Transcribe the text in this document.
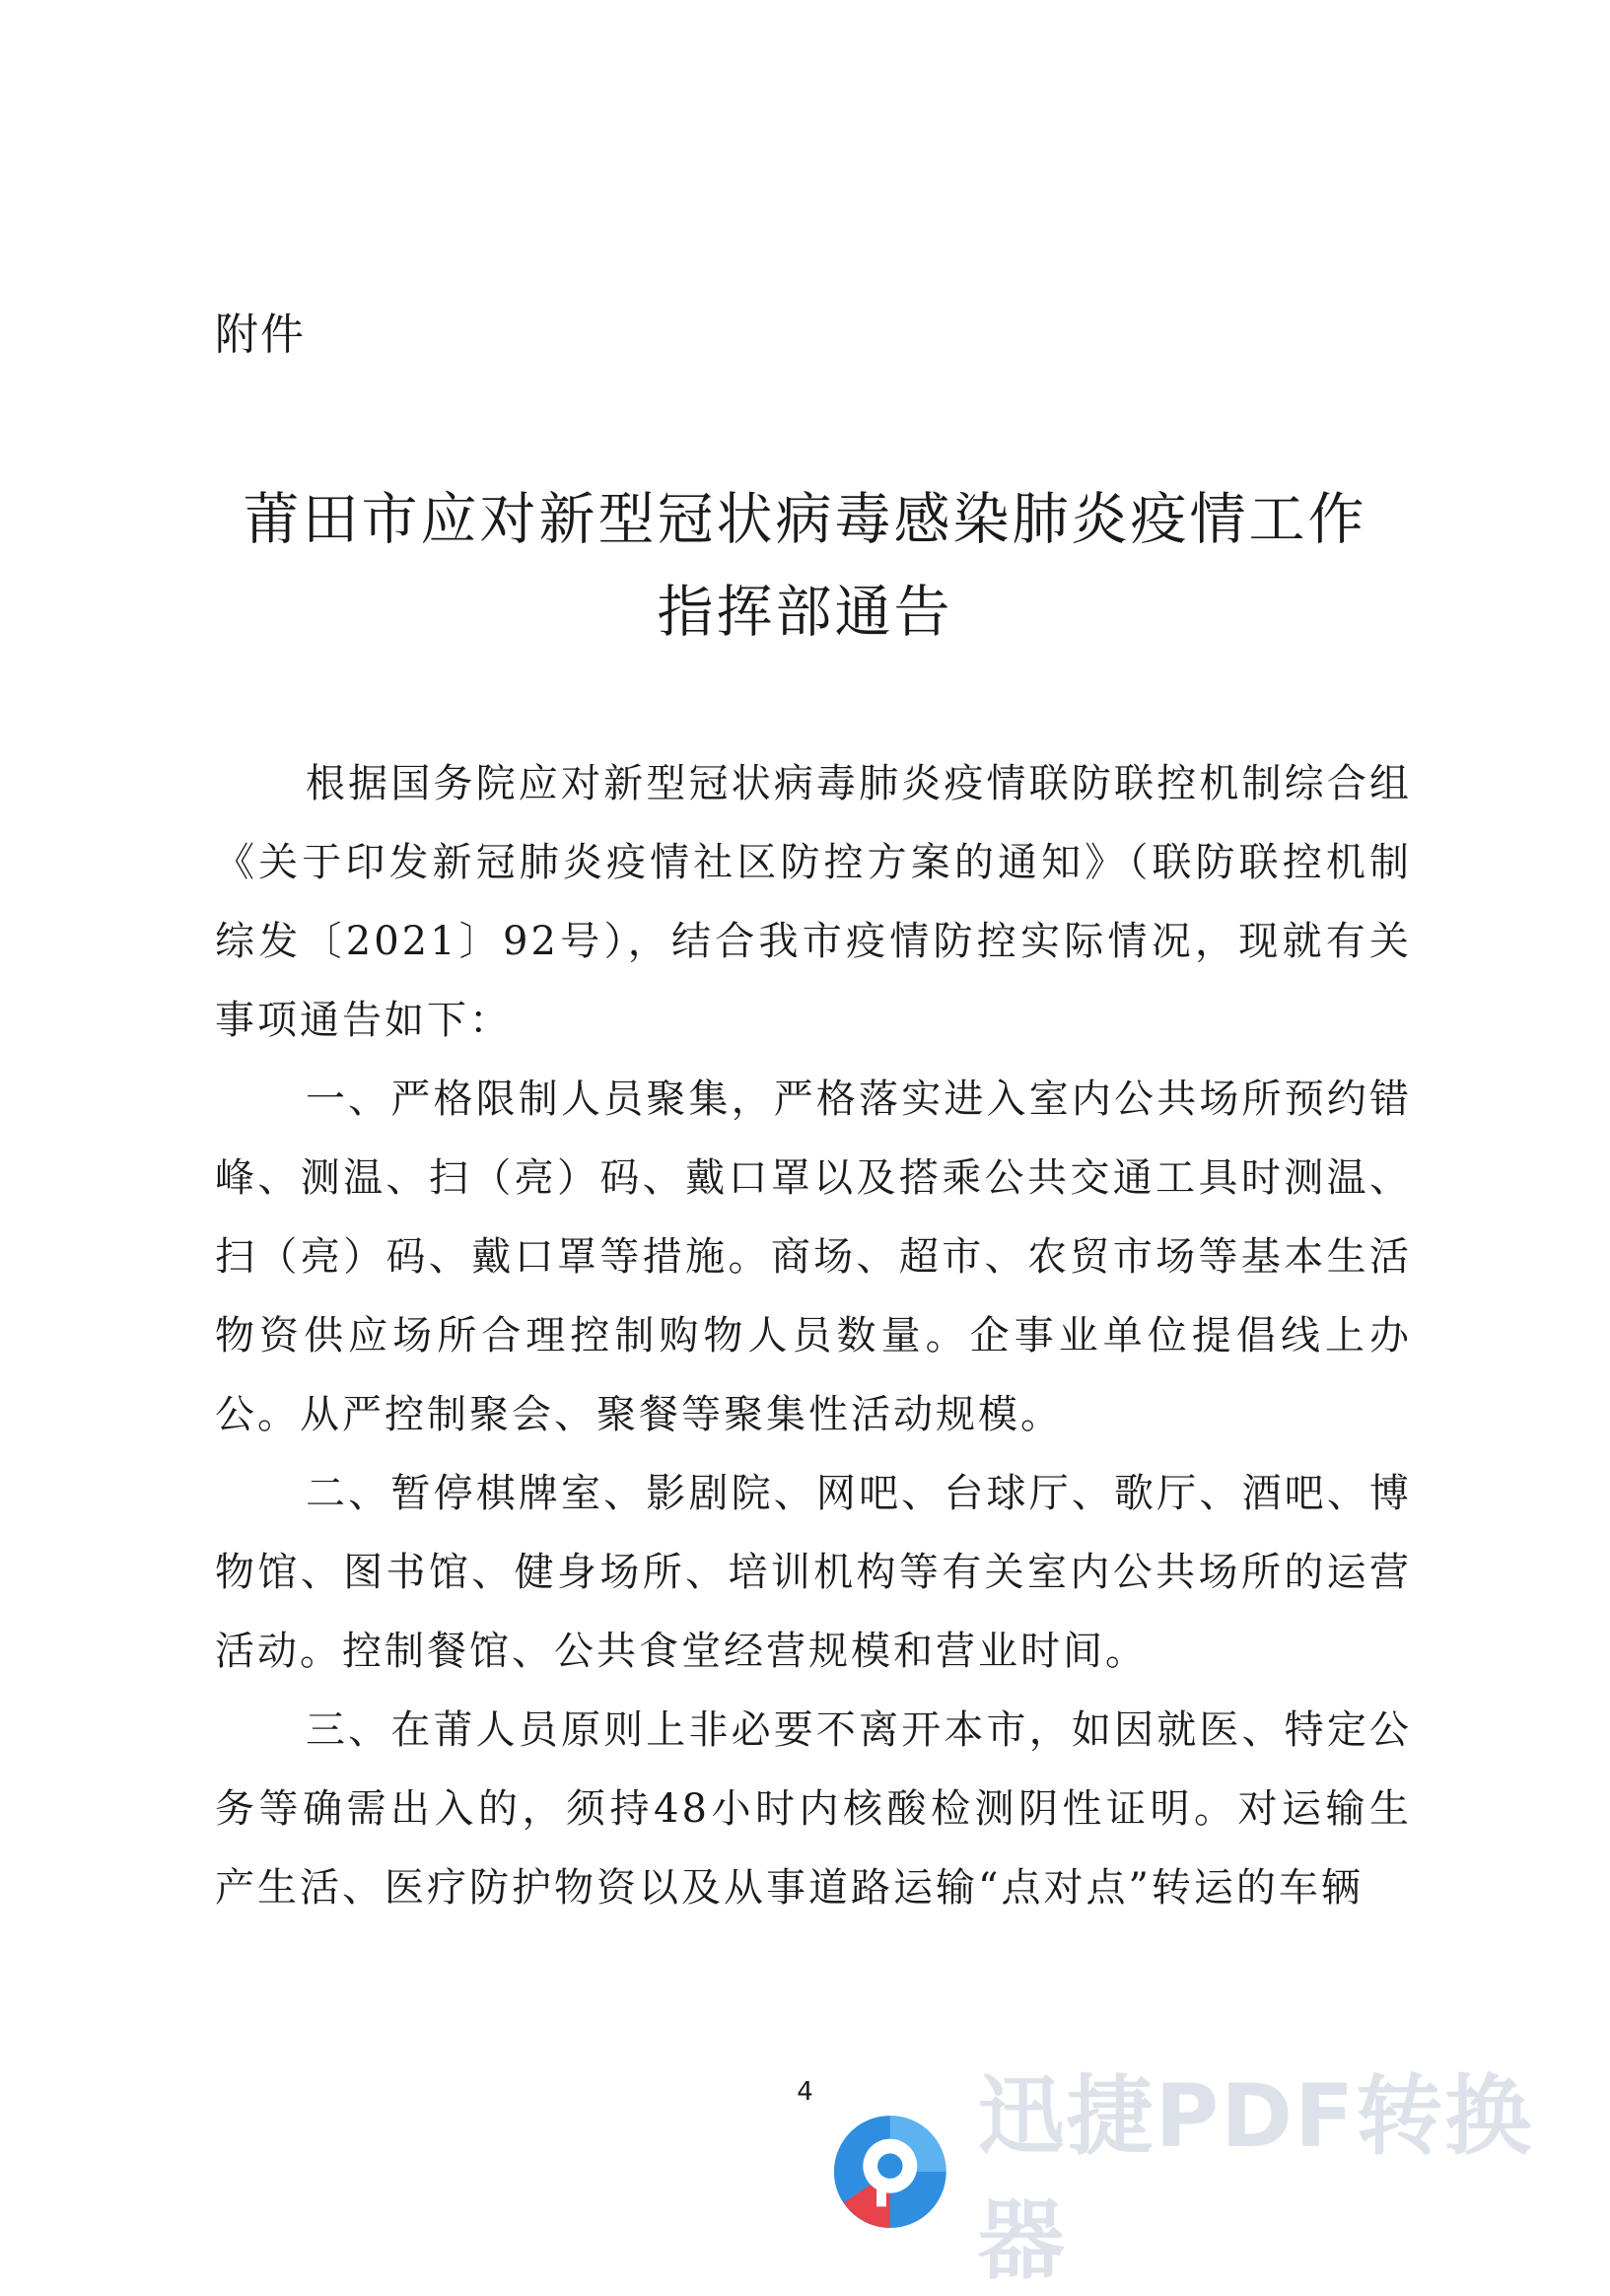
附件
莆田市应对新型冠状病毒感染肺炎疫情工作
指挥部通告

根据国务院应对新型冠状病毒肺炎疫情联防联控机制综合组《关于印发新冠肺炎疫情社区防控方案的通知》（联防联控机制综发〔2021〕92号），结合我市疫情防控实际情况，现就有关事项通告如下：

一、严格限制人员聚集，严格落实进入室内公共场所预约错峰、测温、扫（亮）码、戴口罩以及搭乘公共交通工具时测温、扫（亮）码、戴口罩等措施。商场、超市、农贸市场等基本生活物资供应场所合理控制购物人员数量。企事业单位提倡线上办公。从严控制聚会、聚餐等聚集性活动规模。

二、暂停棋牌室、影剧院、网吧、台球厅、歌厅、酒吧、博物馆、图书馆、健身场所、培训机构等有关室内公共场所的运营活动。控制餐馆、公共食堂经营规模和营业时间。

三、在莆人员原则上非必要不离开本市，如因就医、特定公务等确需出入的，须持48小时内核酸检测阴性证明。对运输生产生活、医疗防护物资以及从事道路运输“点对点”转运的车辆

4	迅捷PDF转换器
